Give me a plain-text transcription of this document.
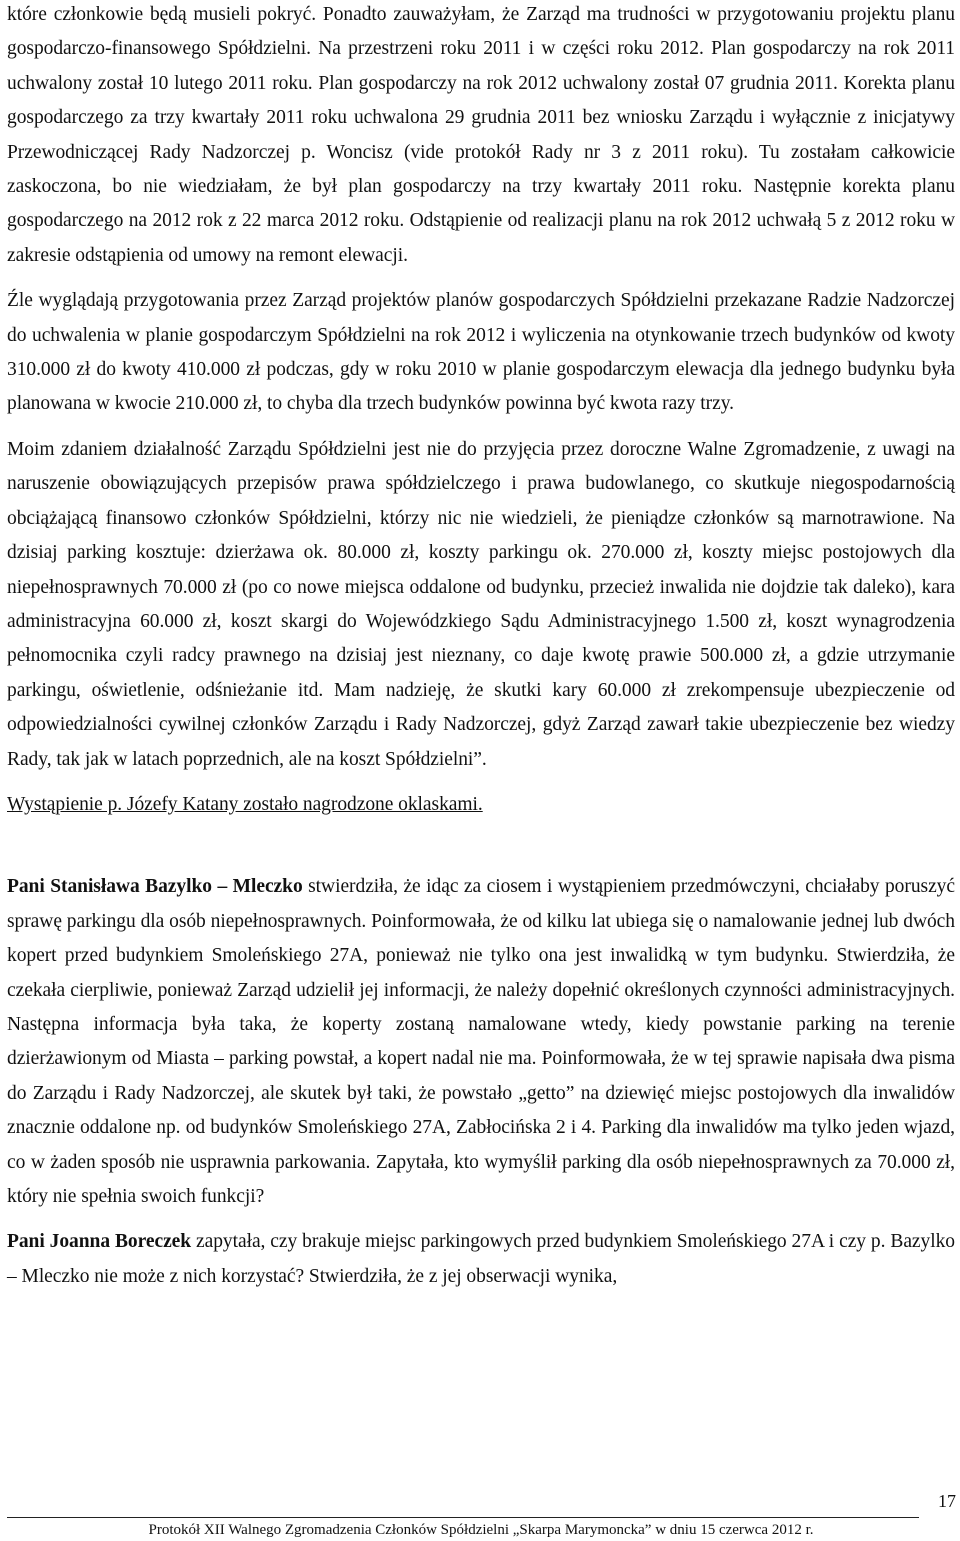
które członkowie będą musieli pokryć. Ponadto zauważyłam, że Zarząd ma trudności w przygotowaniu projektu planu gospodarczo-finansowego Spółdzielni. Na przestrzeni roku 2011 i w części roku 2012. Plan gospodarczy na rok 2011 uchwalony został 10 lutego 2011 roku. Plan gospodarczy na rok 2012 uchwalony został 07 grudnia 2011. Korekta planu gospodarczego za trzy kwartały 2011 roku uchwalona 29 grudnia 2011 bez wniosku Zarządu i wyłącznie z inicjatywy Przewodniczącej Rady Nadzorczej p. Woncisz (vide protokół Rady nr 3 z 2011 roku). Tu zostałam całkowicie zaskoczona, bo nie wiedziałam, że był plan gospodarczy na trzy kwartały 2011 roku. Następnie korekta planu gospodarczego na 2012 rok z 22 marca 2012 roku. Odstąpienie od realizacji planu na rok 2012 uchwałą 5 z 2012 roku w zakresie odstąpienia od umowy na remont elewacji.

Źle wyglądają przygotowania przez Zarząd projektów planów gospodarczych Spółdzielni przekazane Radzie Nadzorczej do uchwalenia w planie gospodarczym Spółdzielni na rok 2012 i wyliczenia na otynkowanie trzech budynków od kwoty 310.000 zł do kwoty 410.000 zł podczas, gdy w roku 2010 w planie gospodarczym elewacja dla jednego budynku była planowana w kwocie 210.000 zł, to chyba dla trzech budynków powinna być kwota razy trzy.

Moim zdaniem działalność Zarządu Spółdzielni jest nie do przyjęcia przez doroczne Walne Zgromadzenie, z uwagi na naruszenie obowiązujących przepisów prawa spółdzielczego i prawa budowlanego, co skutkuje niegospodarnością obciążającą finansowo członków Spółdzielni, którzy nic nie wiedzieli, że pieniądze członków są marnotrawione. Na dzisiaj parking kosztuje: dzierżawa ok. 80.000 zł, koszty parkingu ok. 270.000 zł, koszty miejsc postojowych dla niepełnosprawnych 70.000 zł (po co nowe miejsca oddalone od budynku, przecież inwalida nie dojdzie tak daleko), kara administracyjna 60.000 zł, koszt skargi do Wojewódzkiego Sądu Administracyjnego 1.500 zł, koszt wynagrodzenia pełnomocnika czyli radcy prawnego na dzisiaj jest nieznany, co daje kwotę prawie 500.000 zł, a gdzie utrzymanie parkingu, oświetlenie, odśnieżanie itd. Mam nadzieję, że skutki kary 60.000 zł zrekompensuje ubezpieczenie od odpowiedzialności cywilnej członków Zarządu i Rady Nadzorczej, gdyż Zarząd zawarł takie ubezpieczenie bez wiedzy Rady, tak jak w latach poprzednich, ale na koszt Spółdzielni”.

Wystąpienie p. Józefy Katany zostało nagrodzone oklaskami.

Pani Stanisława Bazylko – Mleczko stwierdziła, że idąc za ciosem i wystąpieniem przedmówczyni, chciałaby poruszyć sprawę parkingu dla osób niepełnosprawnych. Poinformowała, że od kilku lat ubiega się o namalowanie jednej lub dwóch kopert przed budynkiem Smoleńskiego 27A, ponieważ nie tylko ona jest inwalidką w tym budynku. Stwierdziła, że czekała cierpliwie, ponieważ Zarząd udzielił jej informacji, że należy dopełnić określonych czynności administracyjnych. Następna informacja była taka, że koperty zostaną namalowane wtedy, kiedy powstanie parking na terenie dzierżawionym od Miasta – parking powstał, a kopert nadal nie ma. Poinformowała, że w tej sprawie napisała dwa pisma do Zarządu i Rady Nadzorczej, ale skutek był taki, że powstało „getto” na dziewięć miejsc postojowych dla inwalidów znacznie oddalone np. od budynków Smoleńskiego 27A, Zabłocińska 2 i 4. Parking dla inwalidów ma tylko jeden wjazd, co w żaden sposób nie usprawnia parkowania. Zapytała, kto wymyślił parking dla osób niepełnosprawnych za 70.000 zł, który nie spełnia swoich funkcji?

Pani Joanna Boreczek zapytała, czy brakuje miejsc parkingowych przed budynkiem Smoleńskiego 27A i czy p. Bazylko – Mleczko nie może z nich korzystać? Stwierdziła, że z jej obserwacji wynika,

17
Protokół XII Walnego Zgromadzenia Członków Spółdzielni „Skarpa Marymoncka” w dniu 15 czerwca 2012 r.
